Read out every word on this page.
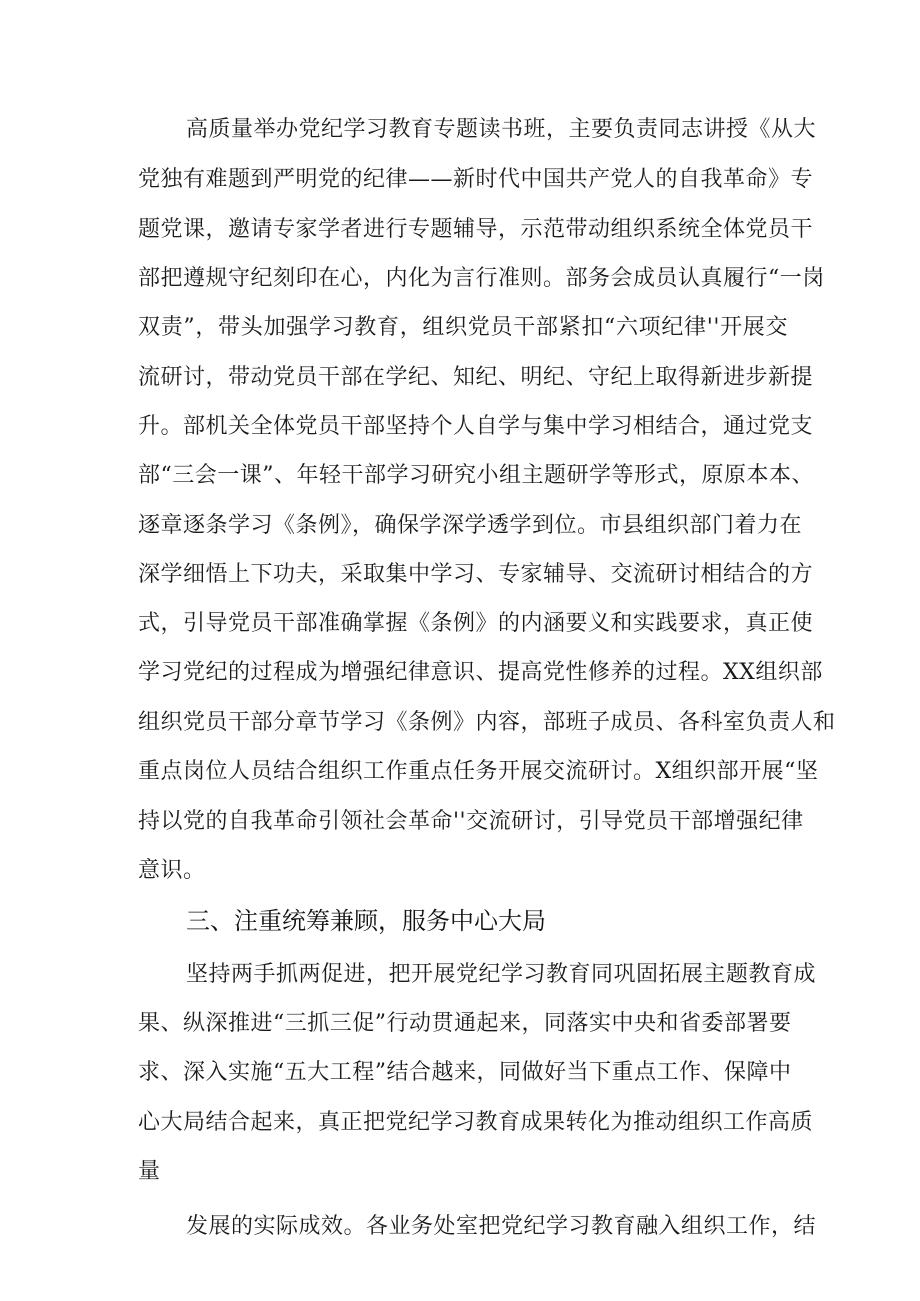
高质量举办党纪学习教育专题读书班，主要负责同志讲授《从大
党独有难题到严明党的纪律——新时代中国共产党人的自我革命》专
题党课，邀请专家学者进行专题辅导，示范带动组织系统全体党员干
部把遵规守纪刻印在心，内化为言行准则。部务会成员认真履行“一岗
双责”，带头加强学习教育，组织党员干部紧扣“六项纪律''开展交
流研讨，带动党员干部在学纪、知纪、明纪、守纪上取得新进步新提
升。部机关全体党员干部坚持个人自学与集中学习相结合，通过党支
部“三会一课”、年轻干部学习研究小组主题研学等形式，原原本本、
逐章逐条学习《条例》，确保学深学透学到位。市县组织部门着力在
深学细悟上下功夫，采取集中学习、专家辅导、交流研讨相结合的方
式，引导党员干部准确掌握《条例》的内涵要义和实践要求，真正使
学习党纪的过程成为增强纪律意识、提高党性修养的过程。XX组织部
组织党员干部分章节学习《条例》内容，部班子成员、各科室负责人和
重点岗位人员结合组织工作重点任务开展交流研讨。X组织部开展“坚
持以党的自我革命引领社会革命''交流研讨，引导党员干部增强纪律
意识。
三、注重统筹兼顾，服务中心大局
坚持两手抓两促进，把开展党纪学习教育同巩固拓展主题教育成
果、纵深推进“三抓三促”行动贯通起来，同落实中央和省委部署要
求、深入实施“五大工程”结合越来，同做好当下重点工作、保障中
心大局结合起来，真正把党纪学习教育成果转化为推动组织工作高质
量
发展的实际成效。各业务处室把党纪学习教育融入组织工作，结
